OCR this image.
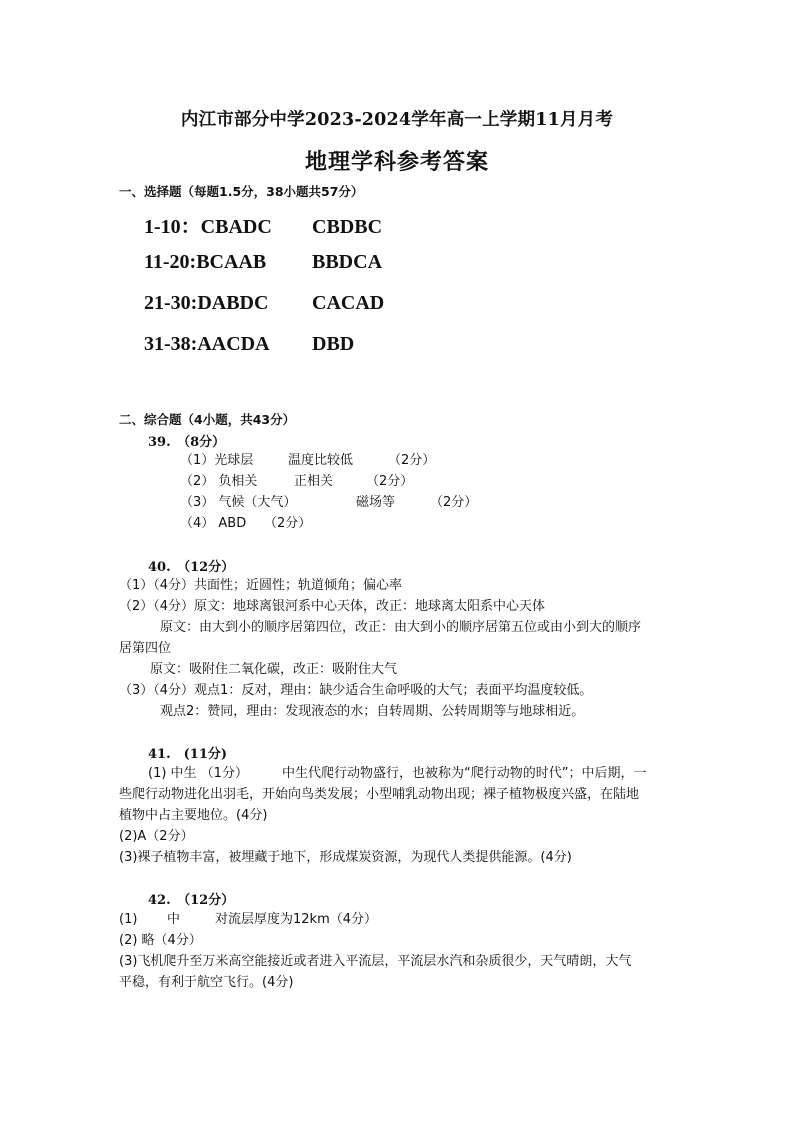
内江市部分中学2023-2024学年高一上学期11月月考
地理学科参考答案
一、选择题（每题1.5分，38小题共57分）
1-10：CBADC CBDBC
11-20:BCAAB BBDCA
21-30:DABDC CACAD
31-38:AACDA DBD
二、综合题（4小题，共43分）
39.　（8分）
（1）光球层	温度比较低	（2分）
（2） 负相关	正相关	（2分）
（3） 气候（大气）	磁场等	（2分）
（4） ABD （2分）
40.　（12分）
（1）（4分）共面性；近圆性；轨道倾角；偏心率
（2）（4分）原文：地球离银河系中心天体，改正：地球离太阳系中心天体
原文：由大到小的顺序居第四位，改正：由大到小的顺序居第五位或由小到大的顺序
居第四位
原文：吸附住二氧化碳，改正：吸附住大气
（3）（4分）观点1：反对，理由：缺少适合生命呼吸的大气；表面平均温度较低。
观点2：赞同，理由：发现液态的水；自转周期、公转周期等与地球相近。
41.　(11分)
(1) 中生 （1分）	中生代爬行动物盛行，也被称为“爬行动物的时代”；中后期，一
些爬行动物进化出羽毛，开始向鸟类发展；小型哺乳动物出现；裸子植物极度兴盛，在陆地
植物中占主要地位。(4分)
(2)A（2分）
(3)裸子植物丰富，被埋藏于地下，形成煤炭资源，为现代人类提供能源。(4分)
42.　（12分）
(1) 中	对流层厚度为12km（4分）
(2) 略（4分）
(3)飞机爬升至万米高空能接近或者进入平流层，平流层水汽和杂质很少，天气晴朗，大气
平稳，有利于航空飞行。(4分)
